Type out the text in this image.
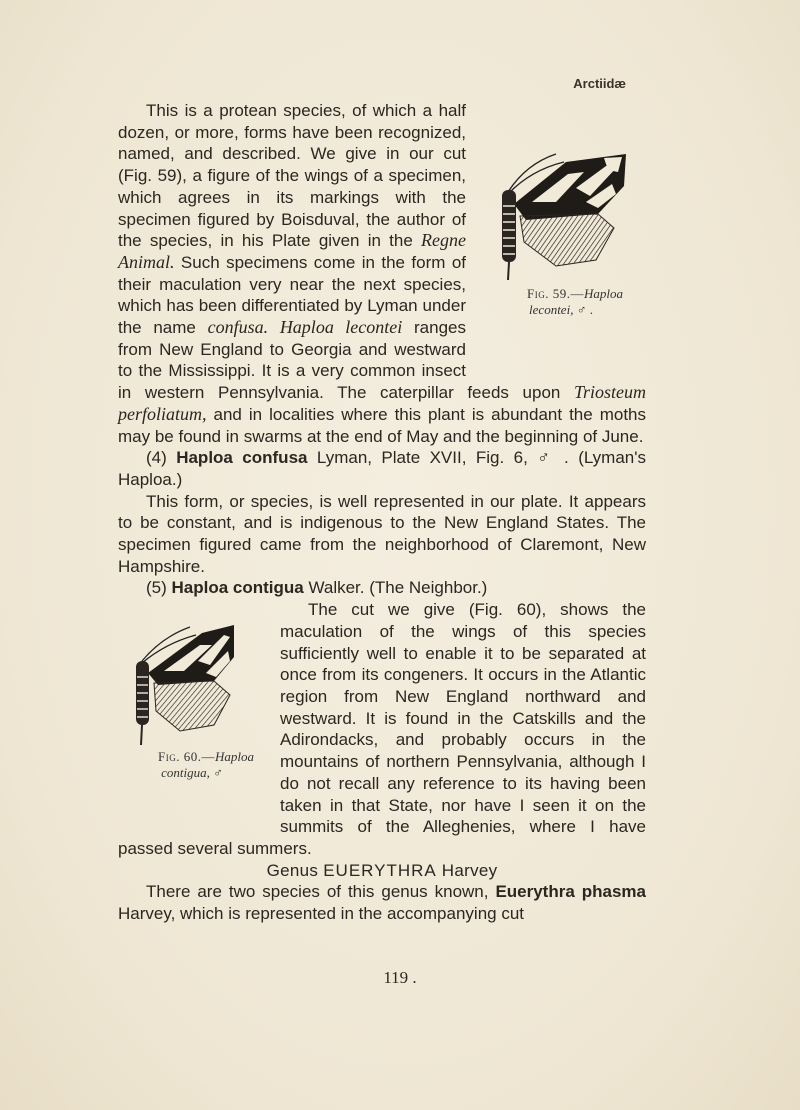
Arctiidæ

Fig. 59.—Haploa lecontei, ♂ .
This is a protean species, of which a half dozen, or more, forms have been recognized, named, and described. We give in our cut (Fig. 59), a figure of the wings of a specimen, which agrees in its markings with the specimen figured by Boisduval, the author of the species, in his Plate given in the Regne Animal. Such specimens come in the form of their maculation very near the next species, which has been differentiated by Lyman under the name confusa. Haploa lecontei ranges from New England to Georgia and westward to the Mississippi. It is a very common insect in western Pennsylvania. The caterpillar feeds upon Triosteum perfoliatum, and in localities where this plant is abundant the moths may be found in swarms at the end of May and the beginning of June.

(4) Haploa confusa Lyman, Plate XVII, Fig. 6, ♂ . (Lyman's Haploa.)

This form, or species, is well represented in our plate. It appears to be constant, and is indigenous to the New England States. The specimen figured came from the neighborhood of Claremont, New Hampshire.

(5) Haploa contigua Walker. (The Neighbor.)

Fig. 60.—Haploa contigua, ♂
The cut we give (Fig. 60), shows the maculation of the wings of this species sufficiently well to enable it to be separated at once from its congeners. It occurs in the Atlantic region from New England northward and westward. It is found in the Catskills and the Adirondacks, and probably occurs in the mountains of northern Pennsylvania, although I do not recall any reference to its having been taken in that State, nor have I seen it on the summits of the Alleghenies, where I have passed several summers.

Genus EUERYTHRA Harvey

There are two species of this genus known, Euerythra phasma Harvey, which is represented in the accompanying cut

119 .
